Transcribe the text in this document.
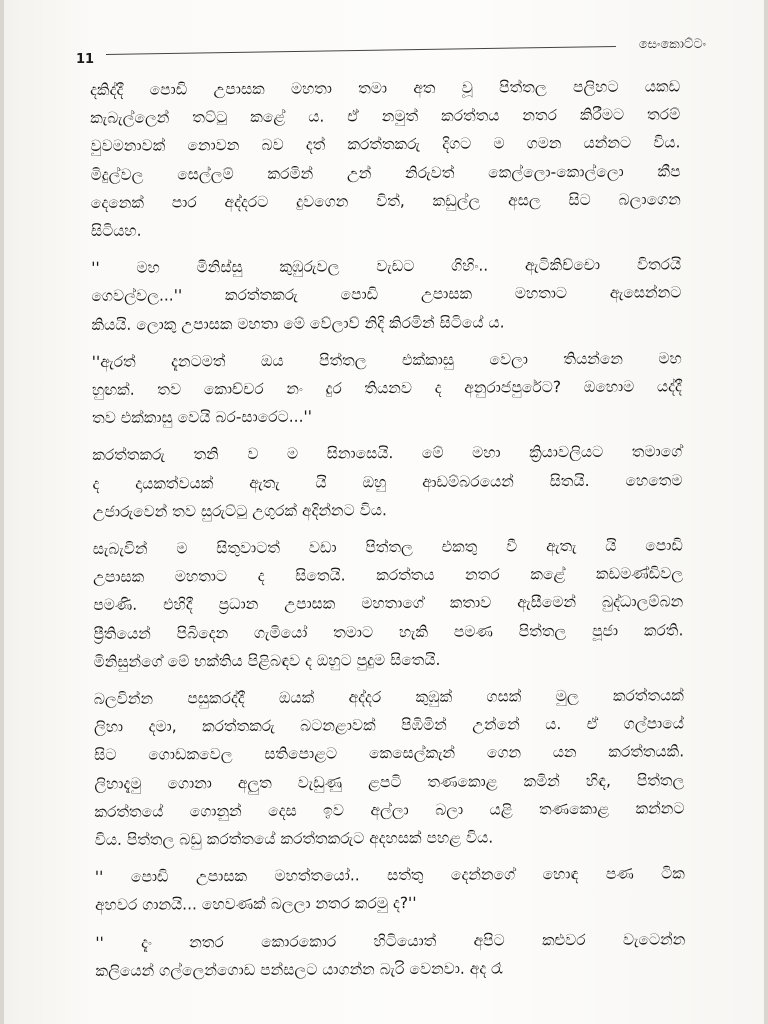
11
සෙංකොට්ටං
දකිද්දී පොඩි උපාසක මහතා තමා අත වූ පිත්තල පලිහට යකඩ
කැබැල්ලෙන් තට්ටු කළේ ය. ඒ නමුත් කරත්තය නතර කිරීමට තරම්
වුවමනාවක් නොවන බව දත් කරත්තකරු දිගට ම ගමන යන්නට විය.
මිදුල්වල සෙල්ලම් කරමින් උන් නිරුවත් කෙල්ලො-කොල්ලො කීප
දෙනෙක් පාර අද්දරට දුවගෙන විත්, කඩුල්ල අසල සිට බලාගෙන
සිටියහ.
'' මහ මිනිස්සු කුඹුරුවල වැඩට ගිහිං.. ඇටිකිච්චො විතරයි
ගෙවල්වල...'' කරත්තකරු පොඩි උපාසක මහතාට ඇසෙන්නට
කියයි. ලොකු උපාසක මහතා මේ වේලාව් නිදි කිරමින් සිටියේ ය.
''ඇරත් දැනටමත් ඔය පිත්තල එක්කාසු වෙලා තියන්නෙ මහ
හුඟක්. තව කොච්චර නං දුර තියනව ද අනුරාජපුරේට? ඔහොම යද්දී
තව එක්කාසු වෙයි බර-සාරෙට...''
කරත්තකරු තනි ව ම සිනාසෙයි. මේ මහා ක්‍රියාවලියට තමාගේ
ද දායකත්වයක් ඇතැ යි ඔහු ආඩම්බරයෙන් සිතයි. හෙතෙම
උජාරුවෙන් තව සුරුට්ටු උගුරක් අදින්නට විය.
සැබැවින් ම සිතුවාටත් වඩා පිත්තල එකතු වී ඇතැ යි පොඩි
උපාසක මහතාට ද සිතෙයි. කරත්තය නතර කළේ කඩමණ්ඩිවල
පමණි. එහිදී ප්‍රධාන උපාසක මහතාගේ කතාව ඇසීමෙන් බුද්ධාලම්බන
ප්‍රීතියෙන් පිබිදෙන ගැමියෝ තමාට හැකි පමණ පිත්තල පූජා කරති.
මිනිසුන්ගේ මේ භක්තිය පිළිබඳව ද ඔහුට පුදුම සිතෙයි.
බලවින්න පසුකරද්දී ඔයක් අද්දර කුඹුක් ගසක් මුල කරත්තයක්
ලිහා දමා, කරත්තකරු බටනළාවක් පිඹිමින් උන්නේ ය. ඒ ගල්පායේ
සිට ගොඩකවෙල සතිපොළට කෙසෙල්කැන් ගෙන යන කරත්තයකි.
ලිහාදැමු ගොනා අලුත වැඩුණු ළපටි තණකොළ කමින් හිඳ, පිත්තල
කරත්තයේ ගොනුන් දෙස ඉව අල්ලා බලා යළි තණකොළ කන්නට
විය. පිත්තල බඩු කරත්තයේ කරත්තකරුට අදහසක් පහළ විය.
'' පොඩි උපාසක මහත්තයෝ.. සත්තු දෙන්නගේ හොඳ පණ ටික
අහවර ගානයි... හෙවණක් බලලා නතර කරමු ද?''
'' දැං නතර කොරකොර හිටියොත් අපිට කළුවර වැටෙන්න
කලියෙන් ගල්ලෙන්ගොඩ පන්සලට යාගන්න බැරි වෙනවා. අද රෑ
